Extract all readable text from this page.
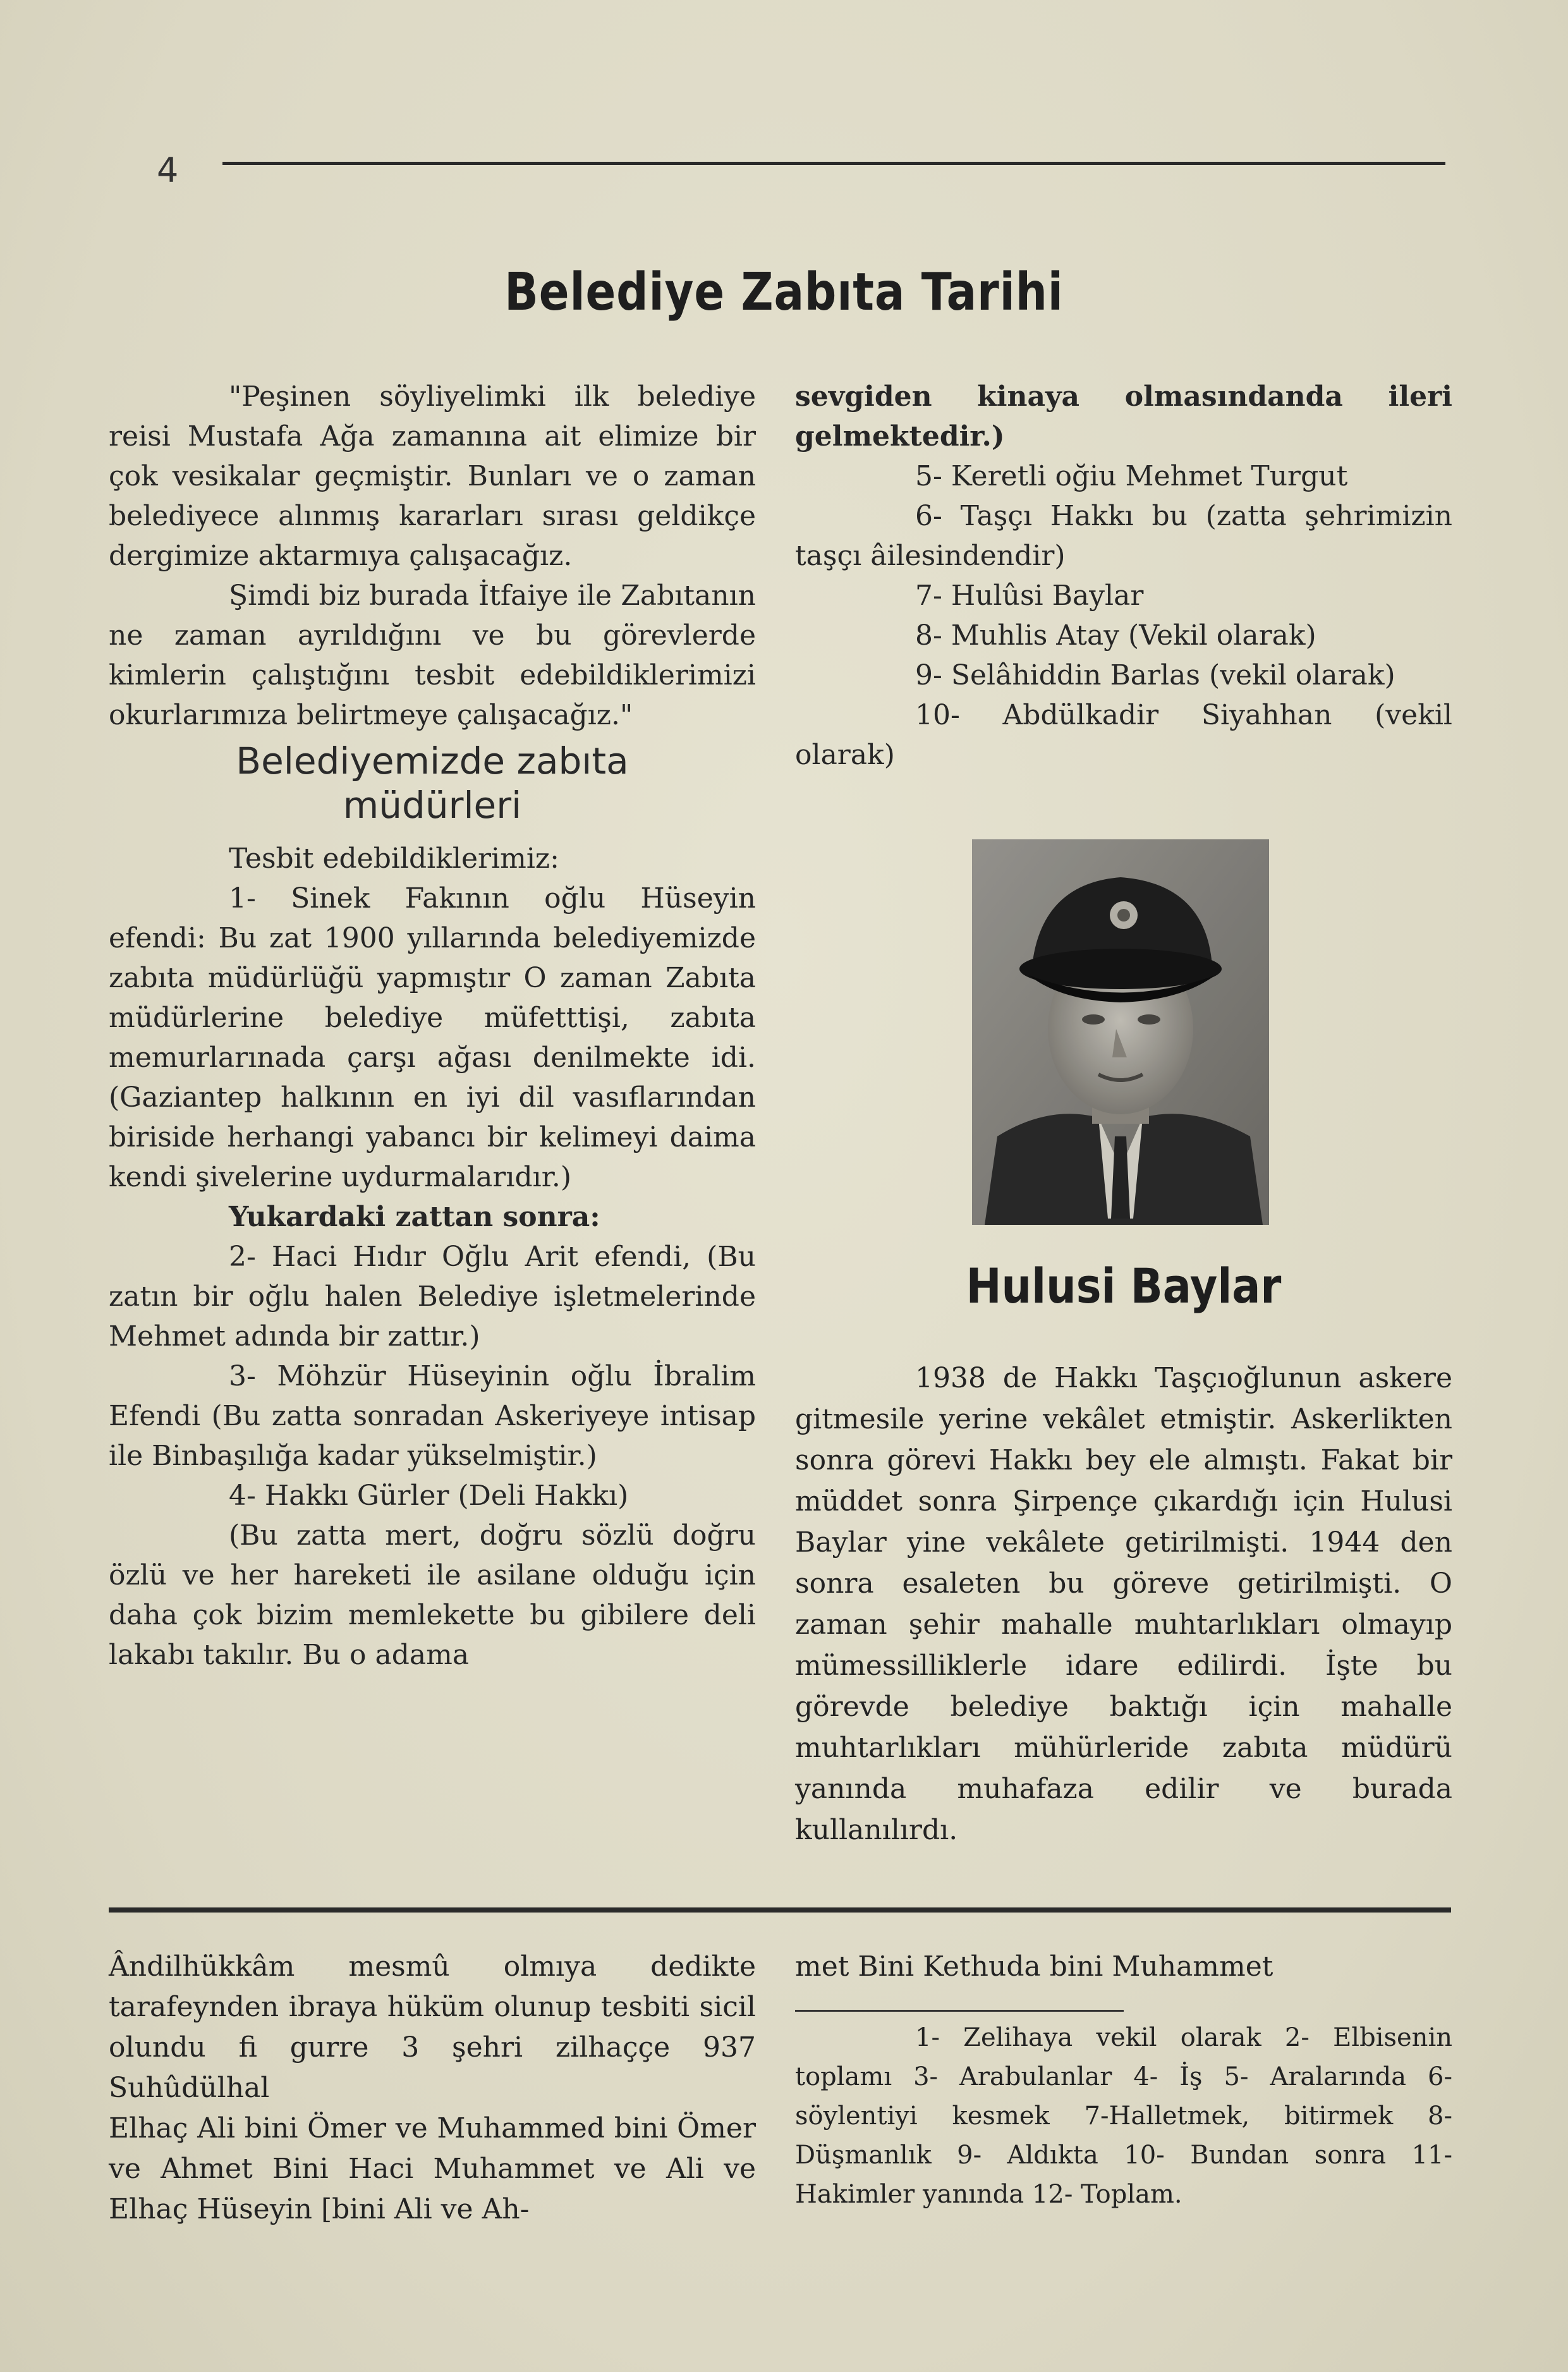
4
Belediye Zabıta Tarihi

"Peşinen söyliyelimki ilk belediye reisi Mustafa Ağa zamanına ait elimize bir çok vesikalar geçmiştir. Bunları ve o zaman belediyece alınmış kararları sırası geldikçe dergimize aktarmıya çalışacağız.

Şimdi biz burada İtfaiye ile Zabıtanın ne zaman ayrıldığını ve bu görevlerde kimlerin çalıştığını tesbit edebildiklerimizi okurlarımıza belirtmeye çalışacağız."

Belediyemizde zabıta
müdürleri

Tesbit edebildiklerimiz:

1- Sinek Fakının oğlu Hüseyin efendi: Bu zat 1900 yıllarında belediyemizde zabıta müdürlüğü yapmıştır O zaman Zabıta müdürlerine belediye müfetttişi, zabıta memurlarınada çarşı ağası denilmekte idi. (Gaziantep halkının en iyi dil vasıflarından biriside herhangi yabancı bir kelimeyi daima kendi şivelerine uydurmalarıdır.)

Yukardaki zattan sonra:

2- Haci Hıdır Oğlu Arit efendi, (Bu zatın bir oğlu halen Belediye işletmelerinde Mehmet adında bir zattır.)

3- Möhzür Hüseyinin oğlu İbralim Efendi (Bu zatta sonradan Askeriyeye intisap ile Binbaşılığa kadar yükselmiştir.)

4- Hakkı Gürler (Deli Hakkı)

(Bu zatta mert, doğru sözlü doğru özlü ve her hareketi ile asilane olduğu için daha çok bizim memlekette bu gibilere deli lakabı takılır. Bu o adama

sevgiden kinaya olmasındanda ileri gelmektedir.)

5- Keretli oğiu Mehmet Turgut

6- Taşçı Hakkı bu (zatta şehrimizin taşçı âilesindendir)

7- Hulûsi Baylar

8- Muhlis Atay (Vekil olarak)

9- Selâhiddin Barlas (vekil olarak)

10- Abdülkadir Siyahhan (vekil olarak)

Hulusi Baylar

1938 de Hakkı Taşçıoğlunun askere gitmesile yerine vekâlet etmiştir. Askerlikten sonra görevi Hakkı bey ele almıştı. Fakat bir müddet sonra Şirpençe çıkardığı için Hulusi Baylar yine vekâlete getirilmişti. 1944 den sonra esaleten bu göreve getirilmişti. O zaman şehir mahalle muhtarlıkları olmayıp mümessilliklerle idare edilirdi. İşte bu görevde belediye baktığı için mahalle muhtarlıkları mühürleride zabıta müdürü yanında muhafaza edilir ve burada kullanılırdı.

Ândilhükkâm mesmû olmıya dedikte tarafeynden ibraya hüküm olunup tesbiti sicil olundu fi gurre 3 şehri zilhaççe 937 Suhûdülhal

Elhaç Ali bini Ömer ve Muhammed bini Ömer ve Ahmet Bini Haci Muhammet ve Ali ve Elhaç Hüseyin [bini Ali ve Ah-

met Bini Kethuda bini Muhammet

1- Zelihaya vekil olarak 2- Elbisenin toplamı 3- Arabulanlar 4- İş 5- Aralarında 6- söylentiyi kesmek 7-Halletmek, bitirmek 8-Düşmanlık 9- Aldıkta 10- Bundan sonra 11- Hakimler yanında 12- Toplam.
